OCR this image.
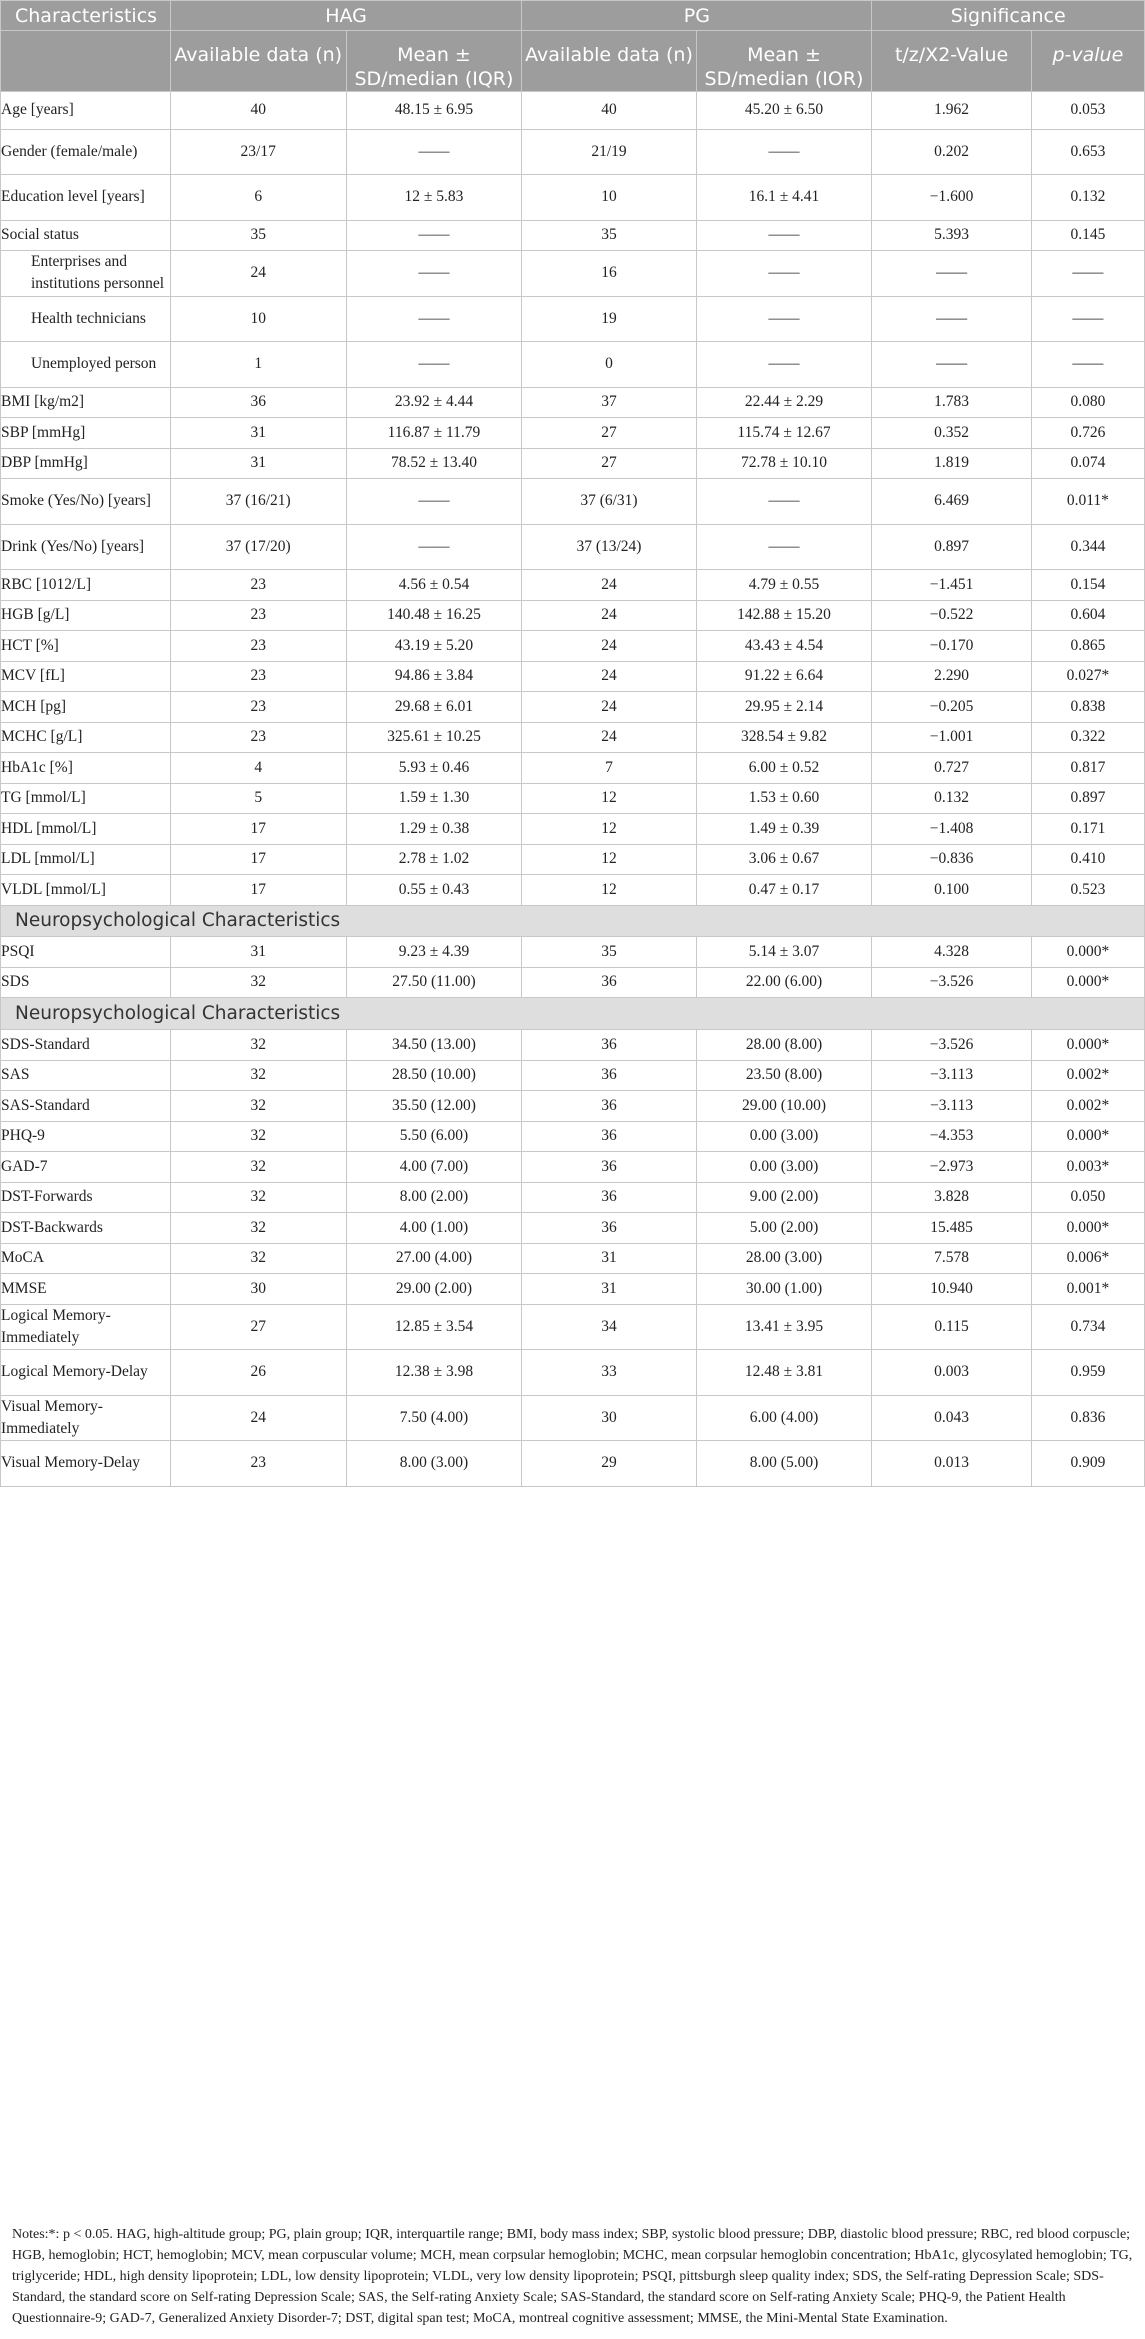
Characteristics	HAG		PG		Significance	
	Available data (n)	Mean ± SD/median (IQR)	Available data (n)	Mean ± SD/median (IOR)	t/z/X2-Value	p-value
Age [years]	40	48.15 ± 6.95	40	45.20 ± 6.50	1.962	0.053
Gender (female/male)	23/17	——	21/19	——	0.202	0.653
Education level [years]	6	12 ± 5.83	10	16.1 ± 4.41	−1.600	0.132
Social status	35	——	35	——	5.393	0.145
Enterprises and institutions personnel	24	——	16	——	——	——
Health technicians	10	——	19	——	——	——
Unemployed person	1	——	0	——	——	——
BMI [kg/m2]	36	23.92 ± 4.44	37	22.44 ± 2.29	1.783	0.080
SBP [mmHg]	31	116.87 ± 11.79	27	115.74 ± 12.67	0.352	0.726
DBP [mmHg]	31	78.52 ± 13.40	27	72.78 ± 10.10	1.819	0.074
Smoke (Yes/No) [years]	37 (16/21)	——	37 (6/31)	——	6.469	0.011*
Drink (Yes/No) [years]	37 (17/20)	——	37 (13/24)	——	0.897	0.344
RBC [1012/L]	23	4.56 ± 0.54	24	4.79 ± 0.55	−1.451	0.154
HGB [g/L]	23	140.48 ± 16.25	24	142.88 ± 15.20	−0.522	0.604
HCT [%]	23	43.19 ± 5.20	24	43.43 ± 4.54	−0.170	0.865
MCV [fL]	23	94.86 ± 3.84	24	91.22 ± 6.64	2.290	0.027*
MCH [pg]	23	29.68 ± 6.01	24	29.95 ± 2.14	−0.205	0.838
MCHC [g/L]	23	325.61 ± 10.25	24	328.54 ± 9.82	−1.001	0.322
HbA1c [%]	4	5.93 ± 0.46	7	6.00 ± 0.52	0.727	0.817
TG [mmol/L]	5	1.59 ± 1.30	12	1.53 ± 0.60	0.132	0.897
HDL [mmol/L]	17	1.29 ± 0.38	12	1.49 ± 0.39	−1.408	0.171
LDL [mmol/L]	17	2.78 ± 1.02	12	3.06 ± 0.67	−0.836	0.410
VLDL [mmol/L]	17	0.55 ± 0.43	12	0.47 ± 0.17	0.100	0.523
Neuropsychological Characteristics						
PSQI	31	9.23 ± 4.39	35	5.14 ± 3.07	4.328	0.000*
SDS	32	27.50 (11.00)	36	22.00 (6.00)	−3.526	0.000*
Neuropsychological Characteristics						
SDS-Standard	32	34.50 (13.00)	36	28.00 (8.00)	−3.526	0.000*
SAS	32	28.50 (10.00)	36	23.50 (8.00)	−3.113	0.002*
SAS-Standard	32	35.50 (12.00)	36	29.00 (10.00)	−3.113	0.002*
PHQ-9	32	5.50 (6.00)	36	0.00 (3.00)	−4.353	0.000*
GAD-7	32	4.00 (7.00)	36	0.00 (3.00)	−2.973	0.003*
DST-Forwards	32	8.00 (2.00)	36	9.00 (2.00)	3.828	0.050
DST-Backwards	32	4.00 (1.00)	36	5.00 (2.00)	15.485	0.000*
MoCA	32	27.00 (4.00)	31	28.00 (3.00)	7.578	0.006*
MMSE	30	29.00 (2.00)	31	30.00 (1.00)	10.940	0.001*
Logical Memory-Immediately	27	12.85 ± 3.54	34	13.41 ± 3.95	0.115	0.734
Logical Memory-Delay	26	12.38 ± 3.98	33	12.48 ± 3.81	0.003	0.959
Visual Memory-Immediately	24	7.50 (4.00)	30	6.00 (4.00)	0.043	0.836
Visual Memory-Delay	23	8.00 (3.00)	29	8.00 (5.00)	0.013	0.909
Notes:*: p < 0.05. HAG, high-altitude group; PG, plain group; IQR, interquartile range; BMI, body mass index; SBP, systolic blood pressure; DBP, diastolic blood pressure; RBC, red blood corpuscle; HGB, hemoglobin; HCT, hemoglobin; MCV, mean corpuscular volume; MCH, mean corpsular hemoglobin; MCHC, mean corpsular hemoglobin concentration; HbA1c, glycosylated hemoglobin; TG, triglyceride; HDL, high density lipoprotein; LDL, low density lipoprotein; VLDL, very low density lipoprotein; PSQI, pittsburgh sleep quality index; SDS, the Self-rating Depression Scale; SDS-Standard, the standard score on Self-rating Depression Scale; SAS, the Self-rating Anxiety Scale; SAS-Standard, the standard score on Self-rating Anxiety Scale; PHQ-9, the Patient Health Questionnaire-9; GAD-7, Generalized Anxiety Disorder-7; DST, digital span test; MoCA, montreal cognitive assessment; MMSE, the Mini-Mental State Examination.
